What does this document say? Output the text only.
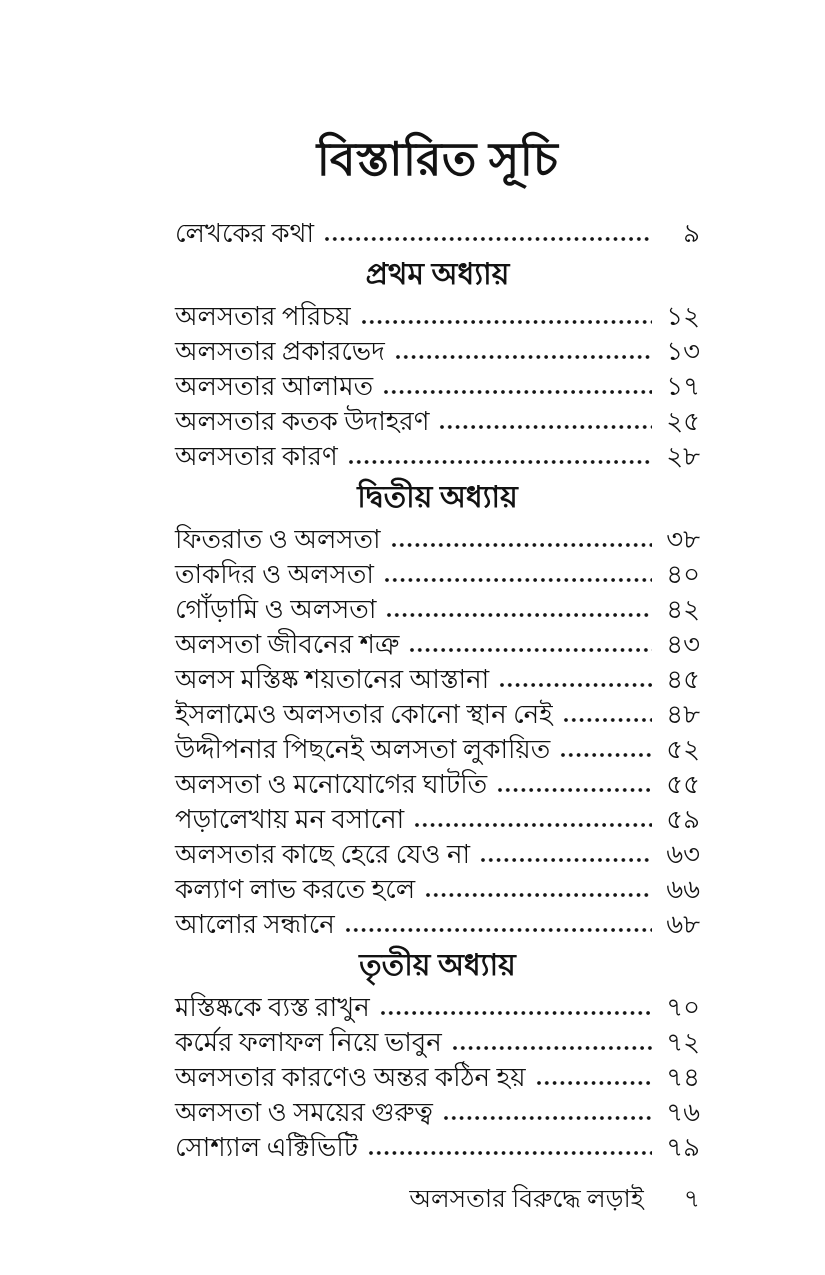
বিস্তারিত সূচি
লেখকের কথা	৯
প্রথম অধ্যায়
অলসতার পরিচয়	১২
অলসতার প্রকারভেদ	১৩
অলসতার আলামত	১৭
অলসতার কতক উদাহরণ	২৫
অলসতার কারণ	২৮
দ্বিতীয় অধ্যায়
ফিতরাত ও অলসতা	৩৮
তাকদির ও অলসতা	৪০
গোঁড়ামি ও অলসতা	৪২
অলসতা জীবনের শত্রু	৪৩
অলস মস্তিষ্ক শয়তানের আস্তানা	৪৫
ইসলামেও অলসতার কোনো স্থান নেই	৪৮
উদ্দীপনার পিছনেই অলসতা লুকায়িত	৫২
অলসতা ও মনোযোগের ঘাটতি	৫৫
পড়ালেখায় মন বসানো	৫৯
অলসতার কাছে হেরে যেও না	৬৩
কল্যাণ লাভ করতে হলে	৬৬
আলোর সন্ধানে	৬৮
তৃতীয় অধ্যায়
মস্তিষ্ককে ব্যস্ত রাখুন	৭০
কর্মের ফলাফল নিয়ে ভাবুন	৭২
অলসতার কারণেও অন্তর কঠিন হয়	৭৪
অলসতা ও সময়ের গুরুত্ব	৭৬
সোশ্যাল এক্টিভিটি	৭৯
অলসতার বিরুদ্ধে লড়াই ৭
